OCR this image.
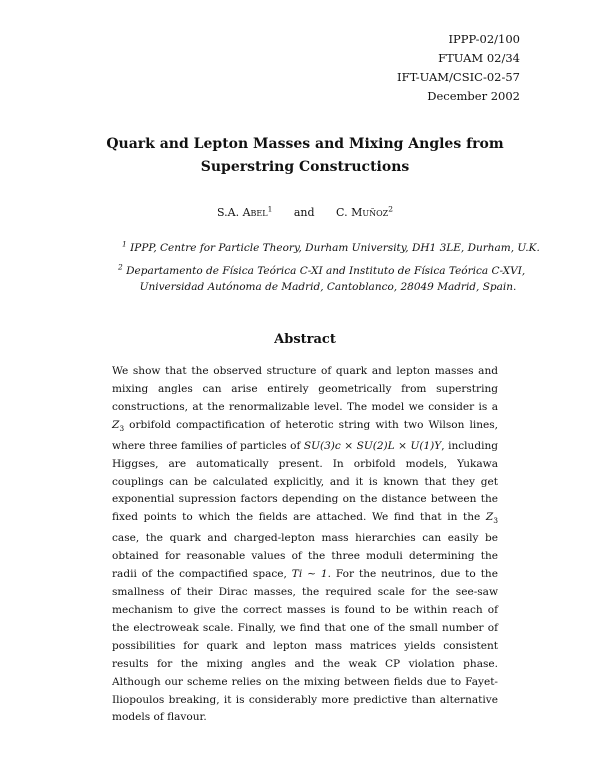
IPPP-02/100
FTUAM 02/34
IFT-UAM/CSIC-02-57
December 2002
Quark and Lepton Masses and Mixing Angles from
Superstring Constructions
S.A. Abel$^1$ and C. Muñoz$^2$
$^1$ IPPP, Centre for Particle Theory, Durham University, DH1 3LE, Durham, U.K.
$^2$ Departamento de Física Teórica C-XI and Instituto de Física Teórica C-XVI,
Universidad Autónoma de Madrid, Cantoblanco, 28049 Madrid, Spain.
Abstract

We show that the observed structure of quark and lepton masses and mixing angles can arise entirely geometrically from superstring constructions, at the renormalizable level. The model we consider is a $Z_3$ orbifold compactification of heterotic string with two Wilson lines, where three families of particles of SU(3)c × SU(2)L × U(1)Y, including Higgses, are automatically present. In orbifold models, Yukawa couplings can be calculated explicitly, and it is known that they get exponential supression factors depending on the distance between the fixed points to which the fields are attached. We find that in the $Z_3$ case, the quark and charged-lepton mass hierarchies can easily be obtained for reasonable values of the three moduli determining the radii of the compactified space, Ti ∼ 1. For the neutrinos, due to the smallness of their Dirac masses, the required scale for the see-saw mechanism to give the correct masses is found to be within reach of the electroweak scale. Finally, we find that one of the small number of possibilities for quark and lepton mass matrices yields consistent results for the mixing angles and the weak CP violation phase. Although our scheme relies on the mixing between fields due to Fayet-Iliopoulos breaking, it is considerably more predictive than alternative models of flavour.
